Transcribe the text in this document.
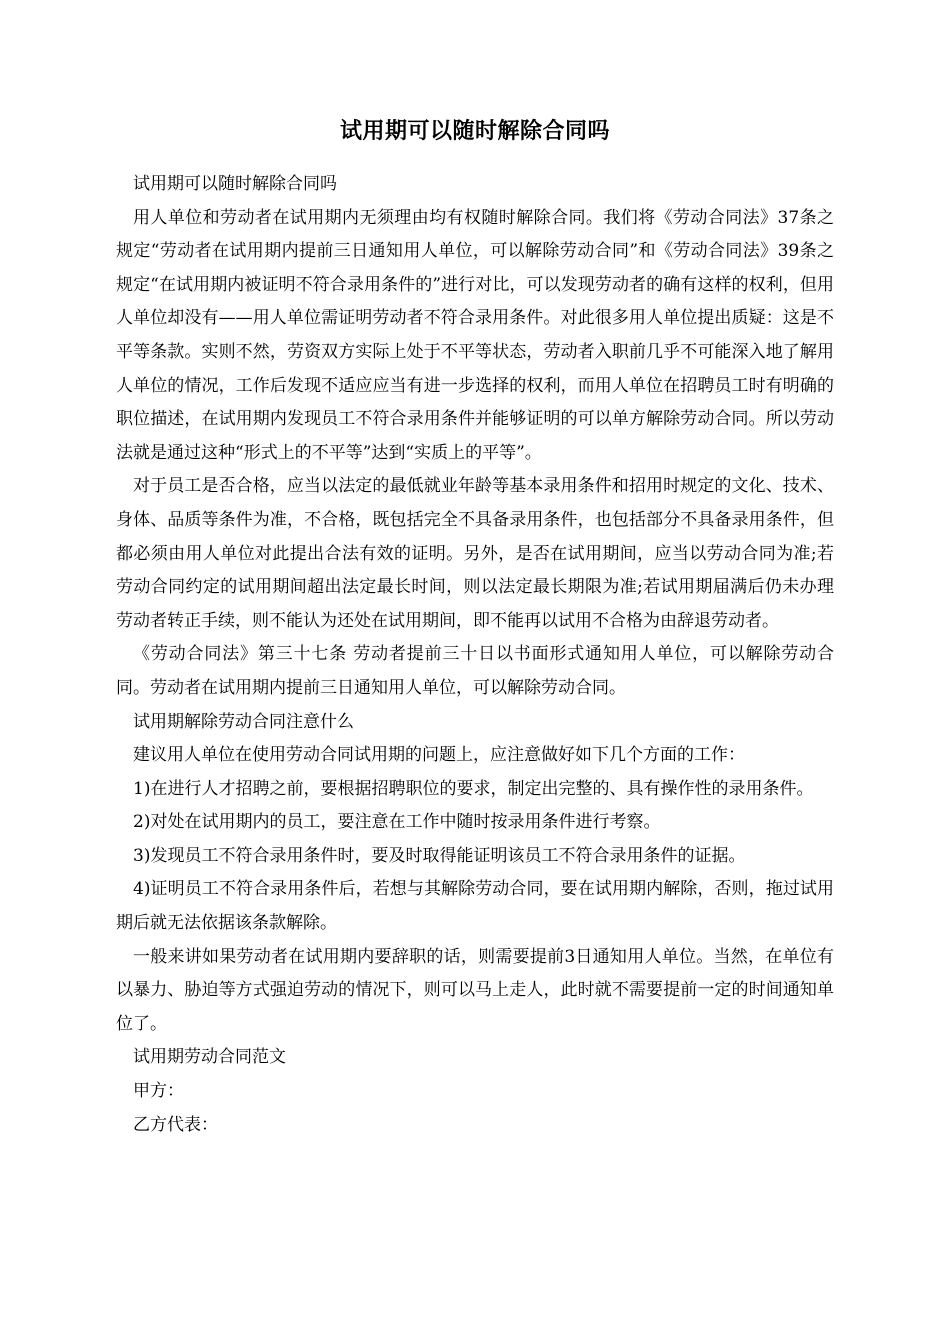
试用期可以随时解除合同吗

试用期可以随时解除合同吗

用人单位和劳动者在试用期内无须理由均有权随时解除合同。我们将《劳动合同法》37条之规定“劳动者在试用期内提前三日通知用人单位，可以解除劳动合同”和《劳动合同法》39条之规定“在试用期内被证明不符合录用条件的”进行对比，可以发现劳动者的确有这样的权利，但用人单位却没有——用人单位需证明劳动者不符合录用条件。对此很多用人单位提出质疑：这是不平等条款。实则不然，劳资双方实际上处于不平等状态，劳动者入职前几乎不可能深入地了解用人单位的情况，工作后发现不适应应当有进一步选择的权利，而用人单位在招聘员工时有明确的职位描述，在试用期内发现员工不符合录用条件并能够证明的可以单方解除劳动合同。所以劳动法就是通过这种“形式上的不平等”达到“实质上的平等”。

对于员工是否合格，应当以法定的最低就业年龄等基本录用条件和招用时规定的文化、技术、身体、品质等条件为准，不合格，既包括完全不具备录用条件，也包括部分不具备录用条件，但都必须由用人单位对此提出合法有效的证明。另外，是否在试用期间，应当以劳动合同为准;若劳动合同约定的试用期间超出法定最长时间，则以法定最长期限为准;若试用期届满后仍未办理劳动者转正手续，则不能认为还处在试用期间，即不能再以试用不合格为由辞退劳动者。

《劳动合同法》第三十七条 劳动者提前三十日以书面形式通知用人单位，可以解除劳动合同。劳动者在试用期内提前三日通知用人单位，可以解除劳动合同。

试用期解除劳动合同注意什么

建议用人单位在使用劳动合同试用期的问题上，应注意做好如下几个方面的工作：

1)在进行人才招聘之前，要根据招聘职位的要求，制定出完整的、具有操作性的录用条件。

2)对处在试用期内的员工，要注意在工作中随时按录用条件进行考察。

3)发现员工不符合录用条件时，要及时取得能证明该员工不符合录用条件的证据。

4)证明员工不符合录用条件后，若想与其解除劳动合同，要在试用期内解除，否则，拖过试用期后就无法依据该条款解除。

一般来讲如果劳动者在试用期内要辞职的话，则需要提前3日通知用人单位。当然，在单位有以暴力、胁迫等方式强迫劳动的情况下，则可以马上走人，此时就不需要提前一定的时间通知单位了。

试用期劳动合同范文

甲方：

乙方代表：
